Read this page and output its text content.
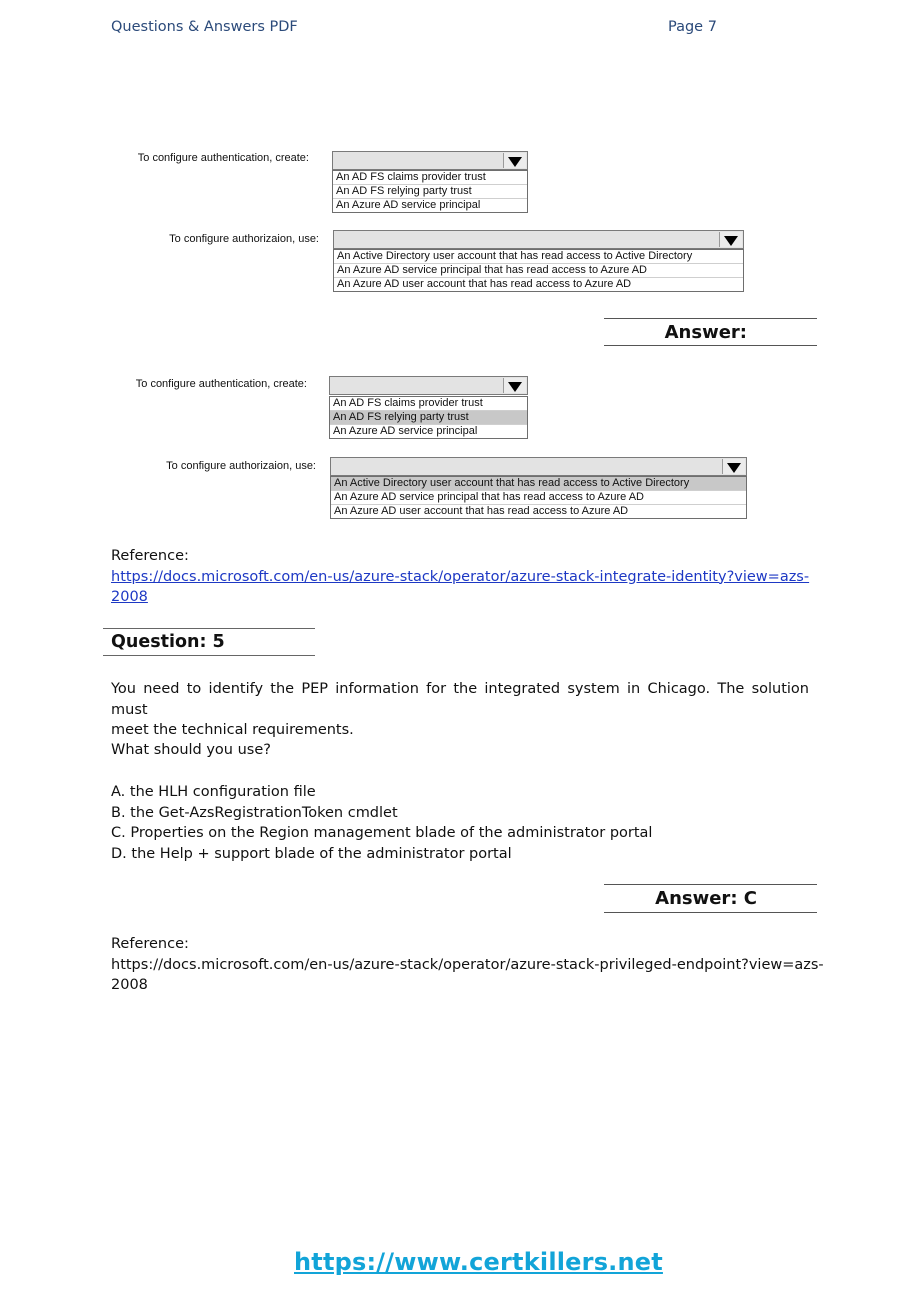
Questions & Answers PDF	Page 7
To configure authentication, create:
An AD FS claims provider trust
An AD FS relying party trust
An Azure AD service principal
To configure authorizaion, use:
An Active Directory user account that has read access to Active Directory
An Azure AD service principal that has read access to Azure AD
An Azure AD user account that has read access to Azure AD
Answer:
To configure authentication, create:
An AD FS claims provider trust
An AD FS relying party trust
An Azure AD service principal
To configure authorizaion, use:
An Active Directory user account that has read access to Active Directory
An Azure AD service principal that has read access to Azure AD
An Azure AD user account that has read access to Azure AD
Reference:
https://docs.microsoft.com/en-us/azure-stack/operator/azure-stack-integrate-identity?view=azs-
2008
Question: 5
You need to identify the PEP information for the integrated system in Chicago. The solution must
meet the technical requirements.
What should you use?
A. the HLH configuration file
B. the Get-AzsRegistrationToken cmdlet
C. Properties on the Region management blade of the administrator portal
D. the Help + support blade of the administrator portal
Answer: C
Reference:
https://docs.microsoft.com/en-us/azure-stack/operator/azure-stack-privileged-endpoint?view=azs-
2008
https://www.certkillers.net
